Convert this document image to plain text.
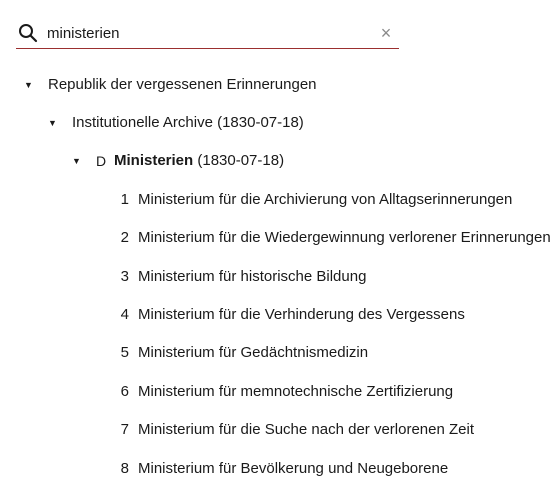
ministerien
×
▼ Republik der vergessenen Erinnerungen
▼ Institutionelle Archive (1830-07-18)
▼ D Ministerien (1830-07-18)
1 Ministerium für die Archivierung von Alltagserinnerungen
2 Ministerium für die Wiedergewinnung verlorener Erinnerungen
3 Ministerium für historische Bildung
4 Ministerium für die Verhinderung des Vergessens
5 Ministerium für Gedächtnismedizin
6 Ministerium für memnotechnische Zertifizierung
7 Ministerium für die Suche nach der verlorenen Zeit
8 Ministerium für Bevölkerung und Neugeborene
